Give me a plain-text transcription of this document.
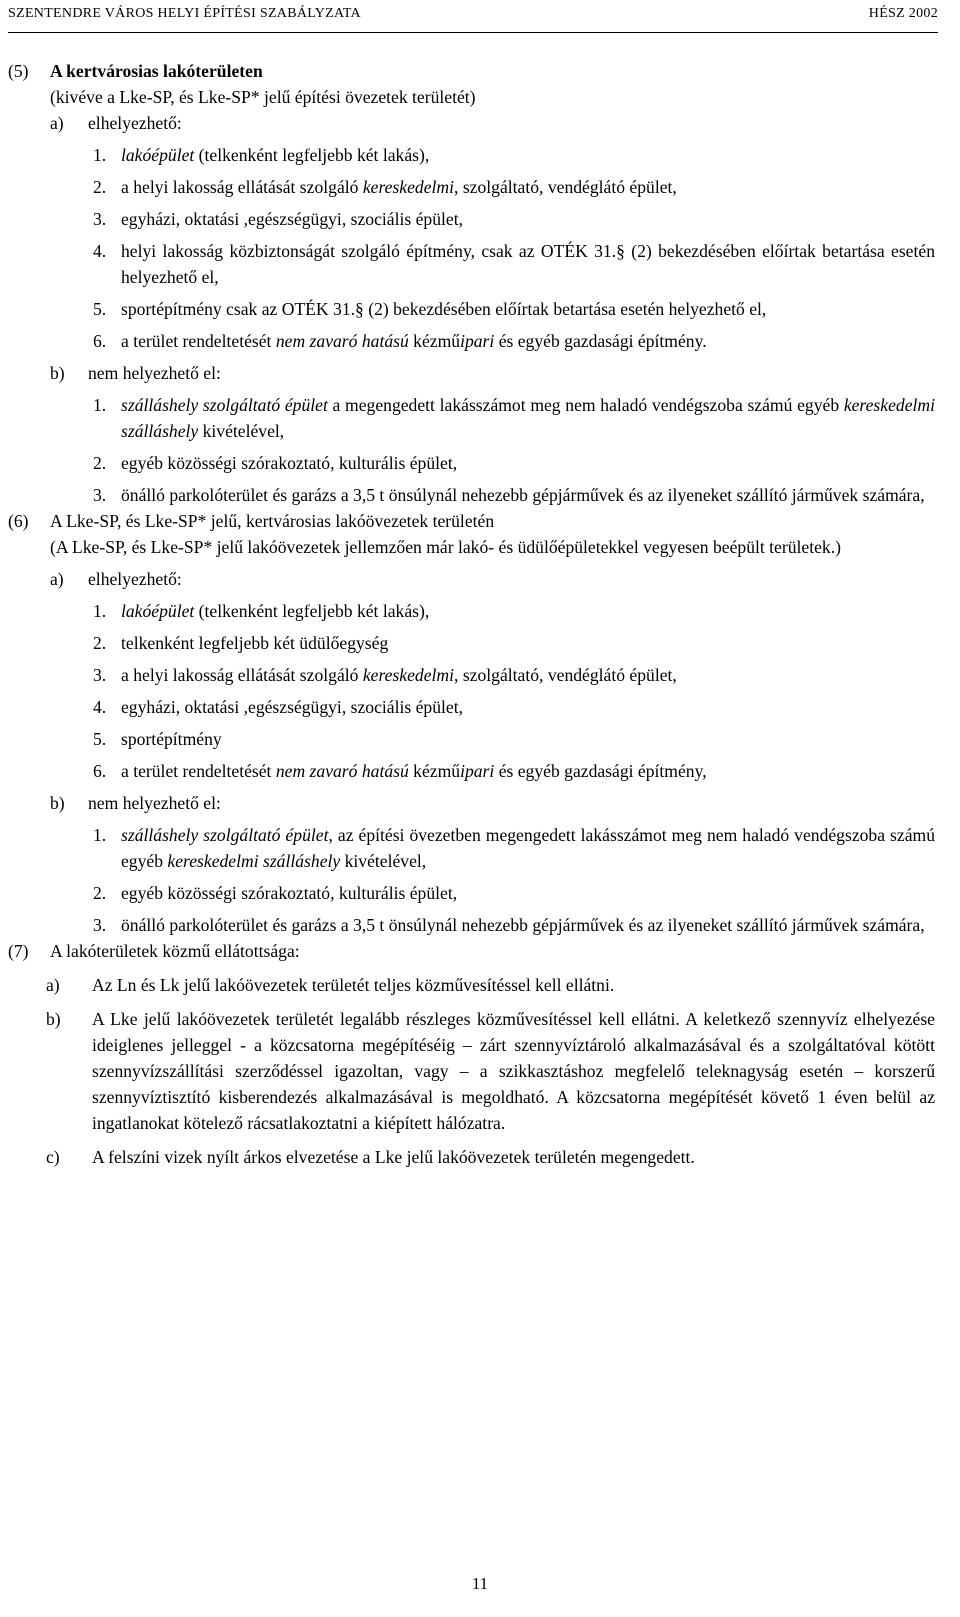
SZENTENDRE VÁROS HELYI ÉPÍTÉSI SZABÁLYZATA	HÉSZ 2002
(5) A kertvárosias lakóterületen
(kivéve a Lke-SP, és Lke-SP* jelű építési övezetek területét)
a) elhelyezhető:
1. lakóépület (telkenként legfeljebb két lakás),
2. a helyi lakosság ellátását szolgáló kereskedelmi, szolgáltató, vendéglátó épület,
3. egyházi, oktatási ,egészségügyi, szociális épület,
4. helyi lakosság közbiztonságát szolgáló építmény, csak az OTÉK 31.§ (2) bekezdésében előírtak betartása esetén helyezhető el,
5. sportépítmény csak az OTÉK 31.§ (2) bekezdésében előírtak betartása esetén helyezhető el,
6. a terület rendeltetését nem zavaró hatású kézműipari és egyéb gazdasági építmény.
b) nem helyezhető el:
1. szálláshely szolgáltató épület a megengedett lakásszámot meg nem haladó vendégszoba számú egyéb kereskedelmi szálláshely kivételével,
2. egyéb közösségi szórakoztató, kulturális épület,
3. önálló parkolóterület és garázs a 3,5 t önsúlynál nehezebb gépjárművek és az ilyeneket szállító járművek számára,
(6) A Lke-SP, és Lke-SP* jelű, kertvárosias lakóövezetek területén
(A Lke-SP, és Lke-SP* jelű lakóövezetek jellemzően már lakó- és üdülőépületekkel vegyesen beépült területek.)
a) elhelyezhető:
1. lakóépület (telkenként legfeljebb két lakás),
2. telkenként legfeljebb két üdülőegység
3. a helyi lakosság ellátását szolgáló kereskedelmi, szolgáltató, vendéglátó épület,
4. egyházi, oktatási ,egészségügyi, szociális épület,
5. sportépítmény
6. a terület rendeltetését nem zavaró hatású kézműipari és egyéb gazdasági építmény,
b) nem helyezhető el:
1. szálláshely szolgáltató épület, az építési övezetben megengedett lakásszámot meg nem haladó vendégszoba számú egyéb kereskedelmi szálláshely kivételével,
2. egyéb közösségi szórakoztató, kulturális épület,
3. önálló parkolóterület és garázs a 3,5 t önsúlynál nehezebb gépjárművek és az ilyeneket szállító járművek számára,
(7) A lakóterületek közmű ellátottsága:
a) Az Ln és Lk jelű lakóövezetek területét teljes közművesítéssel kell ellátni.
b) A Lke jelű lakóövezetek területét legalább részleges közművesítéssel kell ellátni. A keletkező szennyvíz elhelyezése ideiglenes jelleggel - a közcsatorna megépítéséig – zárt szennyvíztároló alkalmazásával és a szolgáltatóval kötött szennyvízszállítási szerződéssel igazoltan, vagy – a szikkasztáshoz megfelelő teleknagyság esetén – korszerű szennyvíztisztító kisberendezés alkalmazásával is megoldható. A közcsatorna megépítését követő 1 éven belül az ingatlanokat kötelező rácsatlakoztatni a kiépített hálózatra.
c) A felszíni vizek nyílt árkos elvezetése a Lke jelű lakóövezetek területén megengedett.
11
